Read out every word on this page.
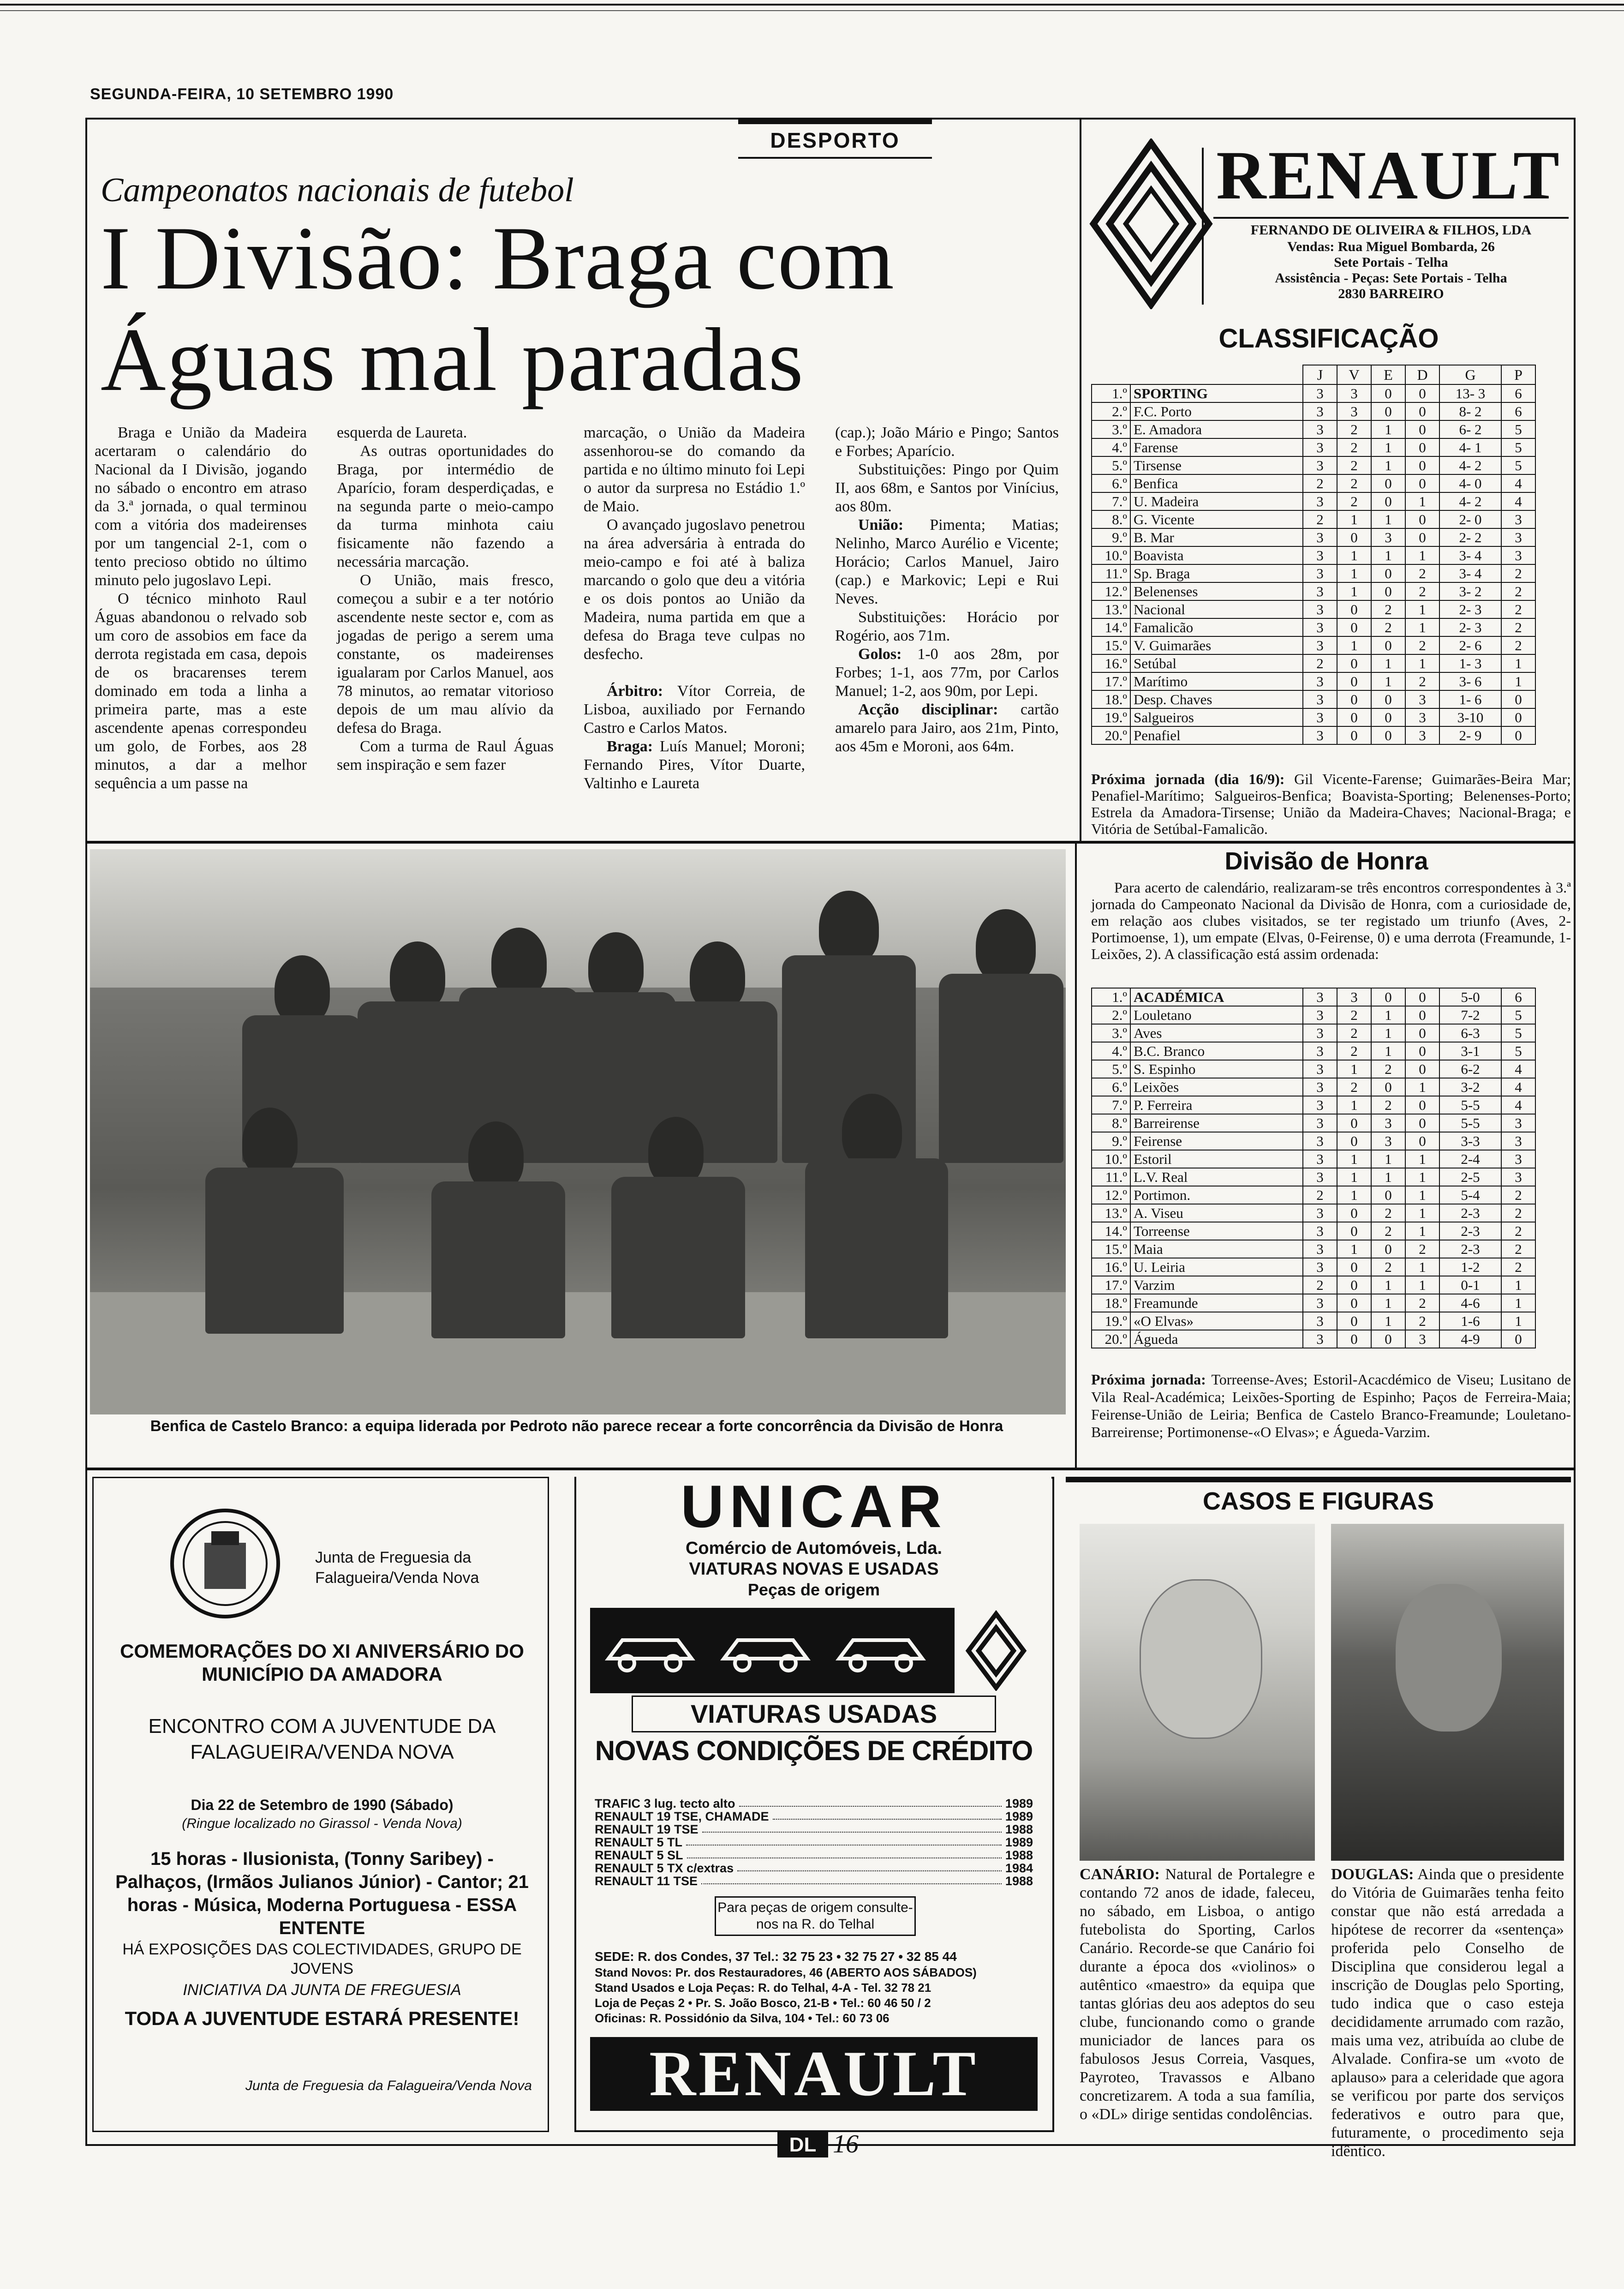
SEGUNDA-FEIRA, 10 SETEMBRO 1990
DESPORTO
Campeonatos nacionais de futebol
I Divisão: Braga com
Águas mal paradas

Braga e União da Madeira acertaram o calendário do Nacional da I Divisão, jogando no sábado o encontro em atraso da 3.ª jornada, o qual terminou com a vitória dos madeirenses por um tangencial 2-1, com o tento precioso obtido no último minuto pelo jugoslavo Lepi.

O técnico minhoto Raul Águas abandonou o relvado sob um coro de assobios em face da derrota registada em casa, depois de os bracarenses terem dominado em toda a linha a primeira parte, mas a este ascendente apenas correspondeu um golo, de Forbes, aos 28 minutos, a dar a melhor sequência a um passe na

esquerda de Laureta.

As outras oportunidades do Braga, por intermédio de Aparício, foram desperdiçadas, e na segunda parte o meio-campo da turma minhota caiu fisicamente não fazendo a necessária marcação.

O União, mais fresco, começou a subir e a ter notório ascendente neste sector e, com as jogadas de perigo a serem uma constante, os madeirenses igualaram por Carlos Manuel, aos 78 minutos, ao rematar vitorioso depois de um mau alívio da defesa do Braga.

Com a turma de Raul Águas sem inspiração e sem fazer

marcação, o União da Madeira assenhorou-se do comando da partida e no último minuto foi Lepi o autor da surpresa no Estádio 1.º de Maio.

O avançado jugoslavo penetrou na área adversária à entrada do meio-campo e foi até à baliza marcando o golo que deu a vitória e os dois pontos ao União da Madeira, numa partida em que a defesa do Braga teve culpas no desfecho.

Árbitro: Vítor Correia, de Lisboa, auxiliado por Fernando Castro e Carlos Matos.

Braga: Luís Manuel; Moroni; Fernando Pires, Vítor Duarte, Valtinho e Laureta

(cap.); João Mário e Pingo; Santos e Forbes; Aparício.

Substituições: Pingo por Quim II, aos 68m, e Santos por Vinícius, aos 80m.

União: Pimenta; Matias; Nelinho, Marco Aurélio e Vicente; Horácio; Carlos Manuel, Jairo (cap.) e Markovic; Lepi e Rui Neves.

Substituições: Horácio por Rogério, aos 71m.

Golos: 1-0 aos 28m, por Forbes; 1-1, aos 77m, por Carlos Manuel; 1-2, aos 90m, por Lepi.

Acção disciplinar: cartão amarelo para Jairo, aos 21m, Pinto, aos 45m e Moroni, aos 64m.

RENAULT
FERNANDO DE OLIVEIRA & FILHOS, LDA
Vendas: Rua Miguel Bombarda, 26
Sete Portais - Telha
Assistência - Peças: Sete Portais - Telha
2830 BARREIRO
CLASSIFICAÇÃO
		J	V	E	D	G	P
1.º	SPORTING	3	3	0	0	13- 3	6
2.º	F.C. Porto	3	3	0	0	8- 2	6
3.º	E. Amadora	3	2	1	0	6- 2	5
4.º	Farense	3	2	1	0	4- 1	5
5.º	Tirsense	3	2	1	0	4- 2	5
6.º	Benfica	2	2	0	0	4- 0	4
7.º	U. Madeira	3	2	0	1	4- 2	4
8.º	G. Vicente	2	1	1	0	2- 0	3
9.º	B. Mar	3	0	3	0	2- 2	3
10.º	Boavista	3	1	1	1	3- 4	3
11.º	Sp. Braga	3	1	0	2	3- 4	2
12.º	Belenenses	3	1	0	2	3- 2	2
13.º	Nacional	3	0	2	1	2- 3	2
14.º	Famalicão	3	0	2	1	2- 3	2
15.º	V. Guimarães	3	1	0	2	2- 6	2
16.º	Setúbal	2	0	1	1	1- 3	1
17.º	Marítimo	3	0	1	2	3- 6	1
18.º	Desp. Chaves	3	0	0	3	1- 6	0
19.º	Salgueiros	3	0	0	3	3-10	0
20.º	Penafiel	3	0	0	3	2- 9	0
Próxima jornada (dia 16/9): Gil Vicente-Farense; Guimarães-Beira Mar; Penafiel-Marítimo; Salgueiros-Benfica; Boavista-Sporting; Belenenses-Porto; Estrela da Amadora-Tirsense; União da Madeira-Chaves; Nacional-Braga; e Vitória de Setúbal-Famalicão.
Benfica de Castelo Branco: a equipa liderada por Pedroto não parece recear a forte concorrência da Divisão de Honra
Divisão de Honra
Para acerto de calendário, realizaram-se três encontros correspondentes à 3.ª jornada do Campeonato Nacional da Divisão de Honra, com a curiosidade de, em relação aos clubes visitados, se ter registado um triunfo (Aves, 2-Portimoense, 1), um empate (Elvas, 0-Feirense, 0) e uma derrota (Freamunde, 1-Leixões, 2). A classificação está assim ordenada:
1.º	ACADÉMICA	3	3	0	0	5-0	6
2.º	Louletano	3	2	1	0	7-2	5
3.º	Aves	3	2	1	0	6-3	5
4.º	B.C. Branco	3	2	1	0	3-1	5
5.º	S. Espinho	3	1	2	0	6-2	4
6.º	Leixões	3	2	0	1	3-2	4
7.º	P. Ferreira	3	1	2	0	5-5	4
8.º	Barreirense	3	0	3	0	5-5	3
9.º	Feirense	3	0	3	0	3-3	3
10.º	Estoril	3	1	1	1	2-4	3
11.º	L.V. Real	3	1	1	1	2-5	3
12.º	Portimon.	2	1	0	1	5-4	2
13.º	A. Viseu	3	0	2	1	2-3	2
14.º	Torreense	3	0	2	1	2-3	2
15.º	Maia	3	1	0	2	2-3	2
16.º	U. Leiria	3	0	2	1	1-2	2
17.º	Varzim	2	0	1	1	0-1	1
18.º	Freamunde	3	0	1	2	4-6	1
19.º	«O Elvas»	3	0	1	2	1-6	1
20.º	Águeda	3	0	0	3	4-9	0
Próxima jornada: Torreense-Aves; Estoril-Acacdémico de Viseu; Lusitano de Vila Real-Académica; Leixões-Sporting de Espinho; Paços de Ferreira-Maia; Feirense-União de Leiria; Benfica de Castelo Branco-Freamunde; Louletano-Barreirense; Portimonense-«O Elvas»; e Águeda-Varzim.
Junta de Freguesia da Falagueira/Venda Nova
COMEMORAÇÕES DO XI ANIVERSÁRIO DO MUNICÍPIO DA AMADORA
ENCONTRO COM A JUVENTUDE DA FALAGUEIRA/VENDA NOVA
Dia 22 de Setembro de 1990 (Sábado)
(Ringue localizado no Girassol - Venda Nova)
15 horas - Ilusionista, (Tonny Saribey) - Palhaços, (Irmãos Julianos Júnior) - Cantor; 21 horas - Música, Moderna Portuguesa - ESSA ENTENTE
HÁ EXPOSIÇÕES DAS COLECTIVIDADES, GRUPO DE JOVENS
INICIATIVA DA JUNTA DE FREGUESIA
TODA A JUVENTUDE ESTARÁ PRESENTE!
Junta de Freguesia da Falagueira/Venda Nova
UNICAR
Comércio de Automóveis, Lda.
VIATURAS NOVAS E USADAS
Peças de origem
VIATURAS USADAS
NOVAS CONDIÇÕES DE CRÉDITO
TRAFIC 3 lug. tecto alto	1989
RENAULT 19 TSE, CHAMADE	1989
RENAULT 19 TSE	1988
RENAULT 5 TL	1989
RENAULT 5 SL	1988
RENAULT 5 TX c/extras	1984
RENAULT 11 TSE	1988
Para peças de origem consulte-nos na R. do Telhal
SEDE: R. dos Condes, 37 Tel.: 32 75 23 • 32 75 27 • 32 85 44
Stand Novos: Pr. dos Restauradores, 46 (ABERTO AOS SÁBADOS)
Stand Usados e Loja Peças: R. do Telhal, 4-A - Tel. 32 78 21
Loja de Peças 2 • Pr. S. João Bosco, 21-B • Tel.: 60 46 50 / 2
Oficinas: R. Possidónio da Silva, 104 • Tel.: 60 73 06
RENAULT
CASOS E FIGURAS
CANÁRIO: Natural de Portalegre e contando 72 anos de idade, faleceu, no sábado, em Lisboa, o antigo futebolista do Sporting, Carlos Canário. Recorde-se que Canário foi durante a época dos «violinos» o autêntico «maestro» da equipa que tantas glórias deu aos adeptos do seu clube, funcionando como o grande municiador de lances para os fabulosos Jesus Correia, Vasques, Payroteo, Travassos e Albano concretizarem. A toda a sua família, o «DL» dirige sentidas condolências.
DOUGLAS: Ainda que o presidente do Vitória de Guimarães tenha feito constar que não está arredada a hipótese de recorrer da «sentença» proferida pelo Conselho de Disciplina que considerou legal a inscrição de Douglas pelo Sporting, tudo indica que o caso esteja decididamente arrumado com razão, mais uma vez, atribuída ao clube de Alvalade. Confira-se um «voto de aplauso» para a celeridade que agora se verificou por parte dos serviços federativos e outro para que, futuramente, o procedimento seja idêntico.
DL 16
